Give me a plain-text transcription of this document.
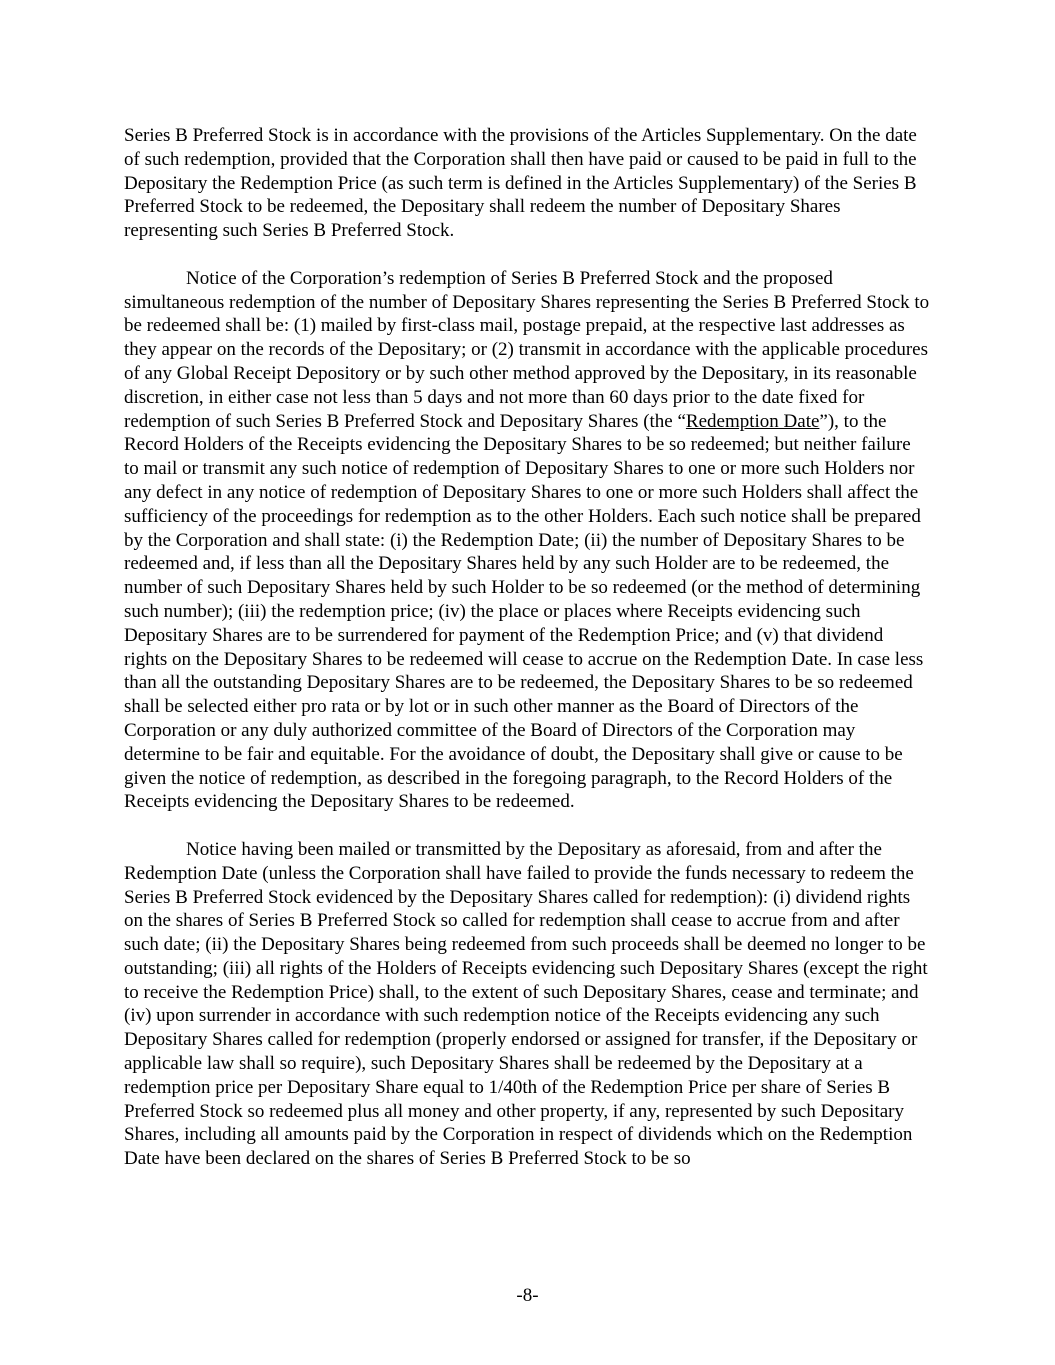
Series B Preferred Stock is in accordance with the provisions of the Articles Supplementary. On the date of such redemption, provided that the Corporation shall then have paid or caused to be paid in full to the Depositary the Redemption Price (as such term is defined in the Articles Supplementary) of the Series B Preferred Stock to be redeemed, the Depositary shall redeem the number of Depositary Shares representing such Series B Preferred Stock.

Notice of the Corporation’s redemption of Series B Preferred Stock and the proposed simultaneous redemption of the number of Depositary Shares representing the Series B Preferred Stock to be redeemed shall be: (1) mailed by first-class mail, postage prepaid, at the respective last addresses as they appear on the records of the Depositary; or (2) transmit in accordance with the applicable procedures of any Global Receipt Depository or by such other method approved by the Depositary, in its reasonable discretion, in either case not less than 5 days and not more than 60 days prior to the date fixed for redemption of such Series B Preferred Stock and Depositary Shares (the “Redemption Date”), to the Record Holders of the Receipts evidencing the Depositary Shares to be so redeemed; but neither failure to mail or transmit any such notice of redemption of Depositary Shares to one or more such Holders nor any defect in any notice of redemption of Depositary Shares to one or more such Holders shall affect the sufficiency of the proceedings for redemption as to the other Holders. Each such notice shall be prepared by the Corporation and shall state: (i) the Redemption Date; (ii) the number of Depositary Shares to be redeemed and, if less than all the Depositary Shares held by any such Holder are to be redeemed, the number of such Depositary Shares held by such Holder to be so redeemed (or the method of determining such number); (iii) the redemption price; (iv) the place or places where Receipts evidencing such Depositary Shares are to be surrendered for payment of the Redemption Price; and (v) that dividend rights on the Depositary Shares to be redeemed will cease to accrue on the Redemption Date. In case less than all the outstanding Depositary Shares are to be redeemed, the Depositary Shares to be so redeemed shall be selected either pro rata or by lot or in such other manner as the Board of Directors of the Corporation or any duly authorized committee of the Board of Directors of the Corporation may determine to be fair and equitable. For the avoidance of doubt, the Depositary shall give or cause to be given the notice of redemption, as described in the foregoing paragraph, to the Record Holders of the Receipts evidencing the Depositary Shares to be redeemed.

Notice having been mailed or transmitted by the Depositary as aforesaid, from and after the Redemption Date (unless the Corporation shall have failed to provide the funds necessary to redeem the Series B Preferred Stock evidenced by the Depositary Shares called for redemption): (i) dividend rights on the shares of Series B Preferred Stock so called for redemption shall cease to accrue from and after such date; (ii) the Depositary Shares being redeemed from such proceeds shall be deemed no longer to be outstanding; (iii) all rights of the Holders of Receipts evidencing such Depositary Shares (except the right to receive the Redemption Price) shall, to the extent of such Depositary Shares, cease and terminate; and (iv) upon surrender in accordance with such redemption notice of the Receipts evidencing any such Depositary Shares called for redemption (properly endorsed or assigned for transfer, if the Depositary or applicable law shall so require), such Depositary Shares shall be redeemed by the Depositary at a redemption price per Depositary Share equal to 1/40th of the Redemption Price per share of Series B Preferred Stock so redeemed plus all money and other property, if any, represented by such Depositary Shares, including all amounts paid by the Corporation in respect of dividends which on the Redemption Date have been declared on the shares of Series B Preferred Stock to be so

-8-
